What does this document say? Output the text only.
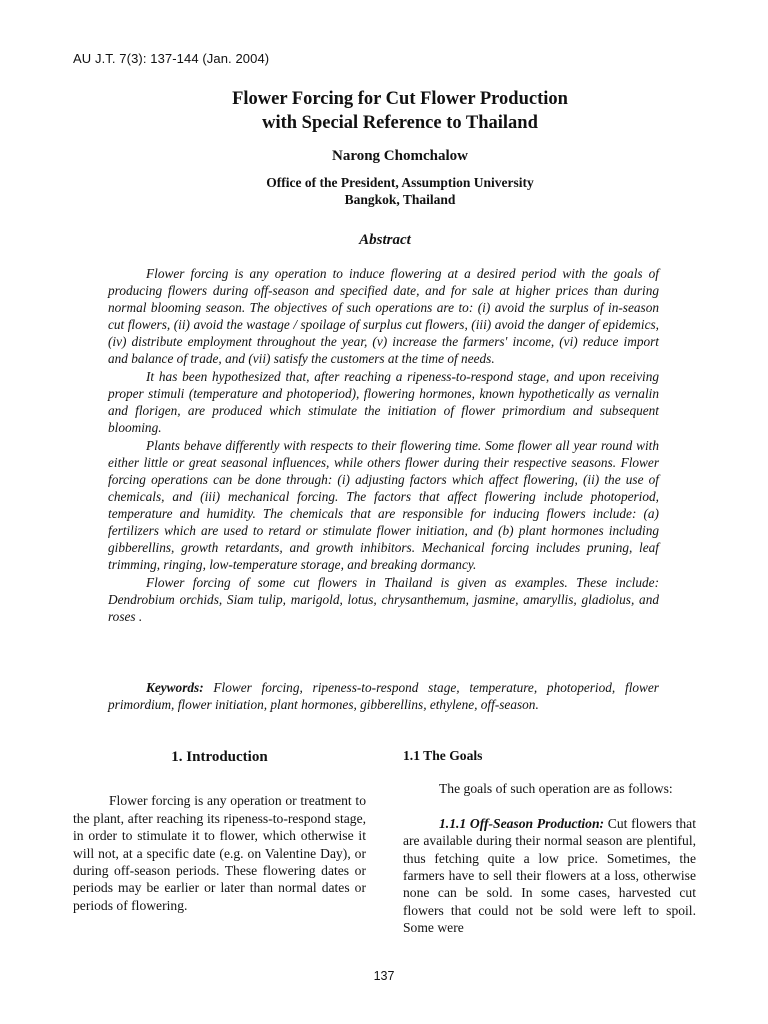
AU J.T. 7(3): 137-144 (Jan. 2004)
Flower Forcing for Cut Flower Production
with Special Reference to Thailand
Narong Chomchalow
Office of the President, Assumption University
Bangkok, Thailand
Abstract

Flower forcing is any operation to induce flowering at a desired period with the goals of producing flowers during off-season and specified date, and for sale at higher prices than during normal blooming season. The objectives of such operations are to: (i) avoid the surplus of in-season cut flowers, (ii) avoid the wastage / spoilage of surplus cut flowers, (iii) avoid the danger of epidemics, (iv) distribute employment throughout the year, (v) increase the farmers' income, (vi) reduce import and balance of trade, and (vii) satisfy the customers at the time of needs.

It has been hypothesized that, after reaching a ripeness-to-respond stage, and upon receiving proper stimuli (temperature and photoperiod), flowering hormones, known hypothetically as vernalin and florigen, are produced which stimulate the initiation of flower primordium and subsequent blooming.

Plants behave differently with respects to their flowering time. Some flower all year round with either little or great seasonal influences, while others flower during their respective seasons. Flower forcing operations can be done through: (i) adjusting factors which affect flowering, (ii) the use of chemicals, and (iii) mechanical forcing. The factors that affect flowering include photoperiod, temperature and humidity. The chemicals that are responsible for inducing flowers include: (a) fertilizers which are used to retard or stimulate flower initiation, and (b) plant hormones including gibberellins, growth retardants, and growth inhibitors. Mechanical forcing includes pruning, leaf trimming, ringing, low-temperature storage, and breaking dormancy.

Flower forcing of some cut flowers in Thailand is given as examples. These include: Dendrobium orchids, Siam tulip, marigold, lotus, chrysanthemum, jasmine, amaryllis, gladiolus, and roses .

Keywords: Flower forcing, ripeness-to-respond stage, temperature, photoperiod, flower primordium, flower initiation, plant hormones, gibberellins, ethylene, off-season.

1. Introduction

Flower forcing is any operation or treatment to the plant, after reaching its ripeness-to-respond stage, in order to stimulate it to flower, which otherwise it will not, at a specific date (e.g. on Valentine Day), or during off-season periods. These flowering dates or periods may be earlier or later than normal dates or periods of flowering.

1.1 The Goals

The goals of such operation are as follows:

1.1.1 Off-Season Production: Cut flowers that are available during their normal season are plentiful, thus fetching quite a low price. Sometimes, the farmers have to sell their flowers at a loss, otherwise none can be sold. In some cases, harvested cut flowers that could not be sold were left to spoil. Some were

137
